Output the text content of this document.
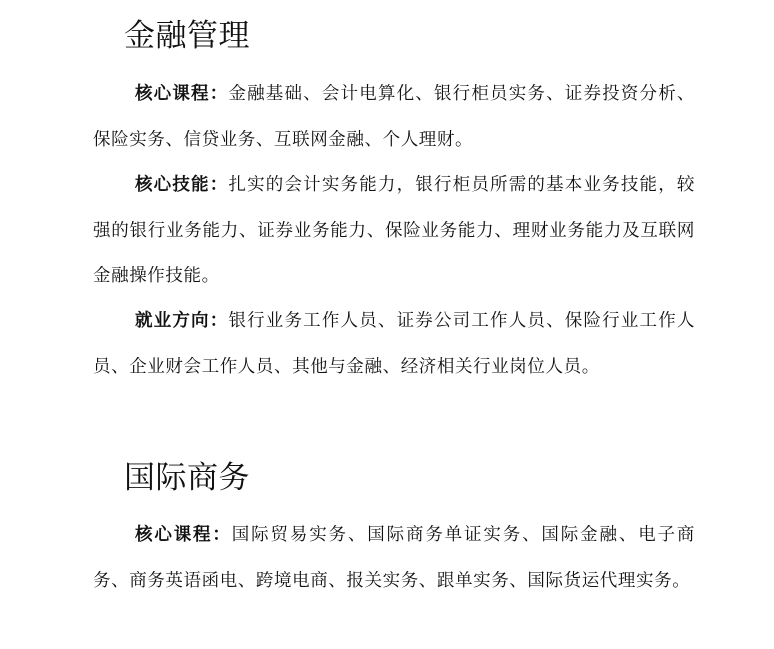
金融管理

核心课程：金融基础、会计电算化、银行柜员实务、证券投资分析、保险实务、信贷业务、互联网金融、个人理财。

核心技能：扎实的会计实务能力，银行柜员所需的基本业务技能，较强的银行业务能力、证券业务能力、保险业务能力、理财业务能力及互联网金融操作技能。

就业方向：银行业务工作人员、证券公司工作人员、保险行业工作人员、企业财会工作人员、其他与金融、经济相关行业岗位人员。

国际商务

核心课程：国际贸易实务、国际商务单证实务、国际金融、电子商务、商务英语函电、跨境电商、报关实务、跟单实务、国际货运代理实务。
